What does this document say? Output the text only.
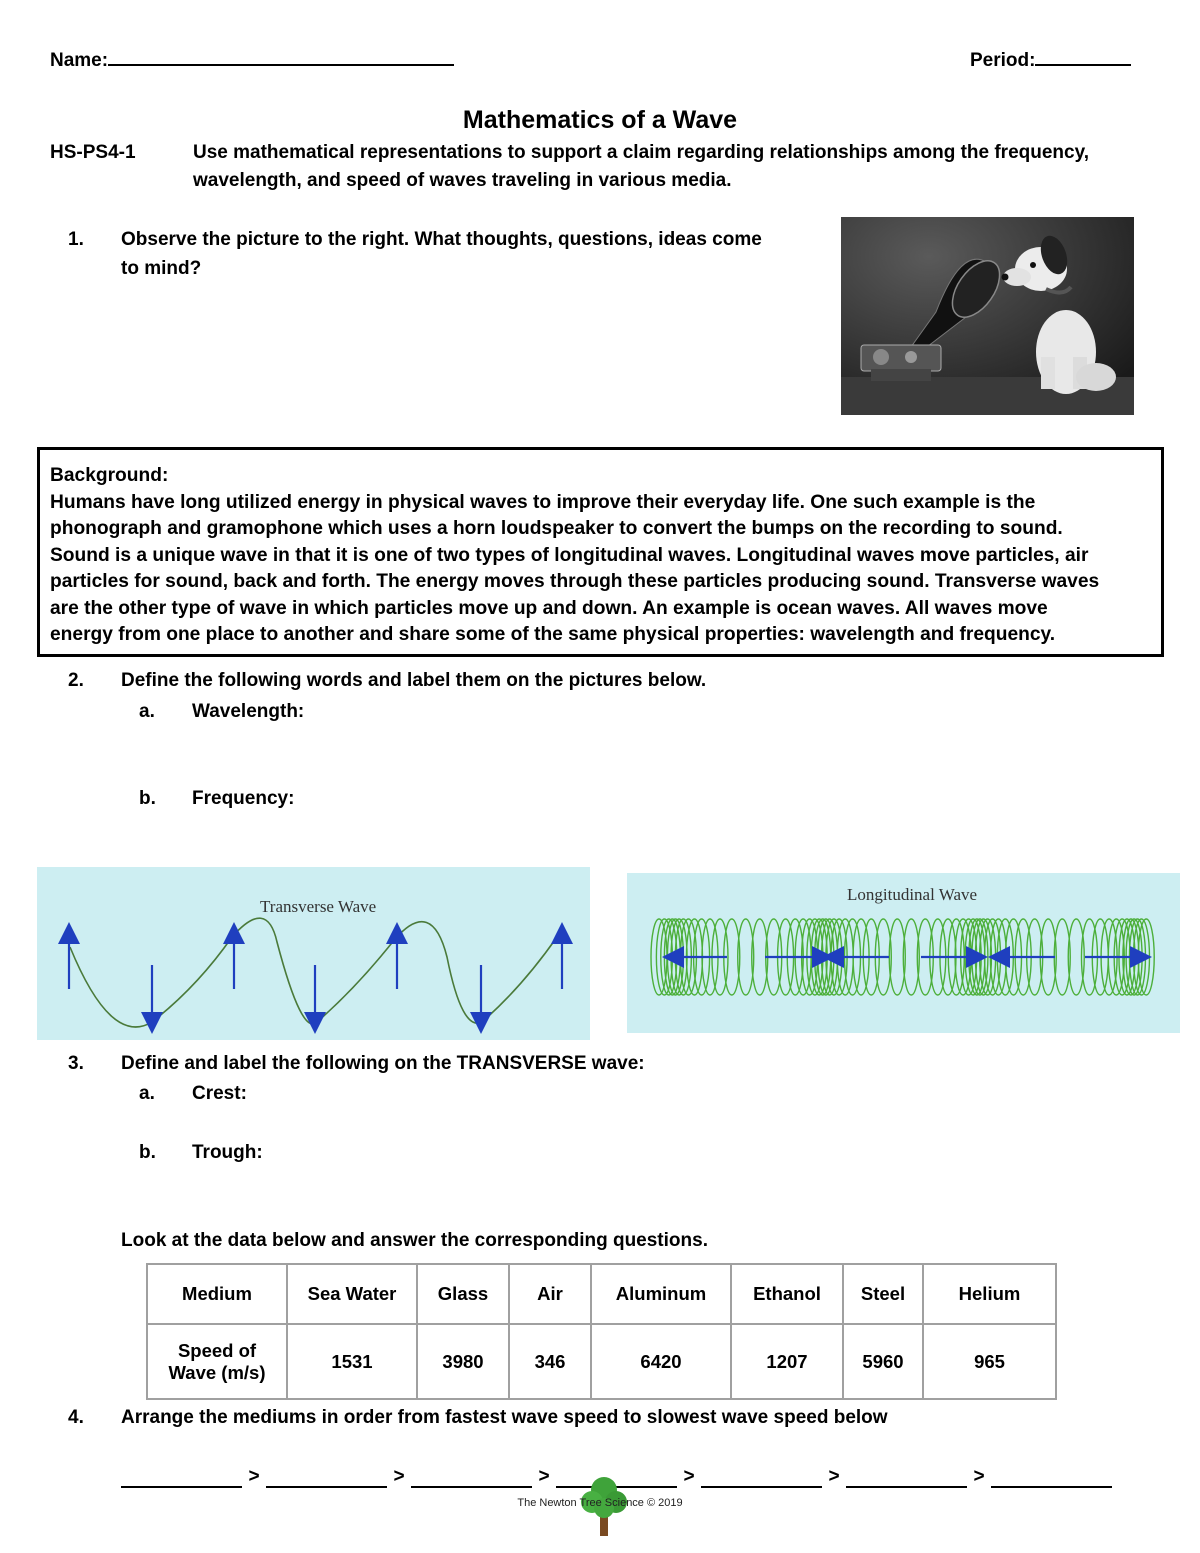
Name:	Period:
Mathematics of a Wave
HS-PS4-1	Use mathematical representations to support a claim regarding relationships among the frequency,
wavelength, and speed of waves traveling in various media.
1. Observe the picture to the right. What thoughts, questions, ideas come
to mind?
Background:
Humans have long utilized energy in physical waves to improve their everyday life. One such example is the
phonograph and gramophone which uses a horn loudspeaker to convert the bumps on the recording to sound.
Sound is a unique wave in that it is one of two types of longitudinal waves. Longitudinal waves move particles, air
particles for sound, back and forth. The energy moves through these particles producing sound. Transverse waves
are the other type of wave in which particles move up and down. An example is ocean waves. All waves move
energy from one place to another and share some of the same physical properties: wavelength and frequency.
2. Define the following words and label them on the pictures below.
a. Wavelength:
b. Frequency:
Transverse Wave
Longitudinal Wave
3. Define and label the following on the TRANSVERSE wave:
a. Crest:
b. Trough:
Look at the data below and answer the corresponding questions.
Medium	Sea Water	Glass	Air	Aluminum	Ethanol	Steel	Helium

Speed of
Wave (m/s)	1531	3980	346	6420	1207	5960	965
4. Arrange the mediums in order from fastest wave speed to slowest wave speed below
>	>	>	>	>	>
The Newton Tree Science © 2019
